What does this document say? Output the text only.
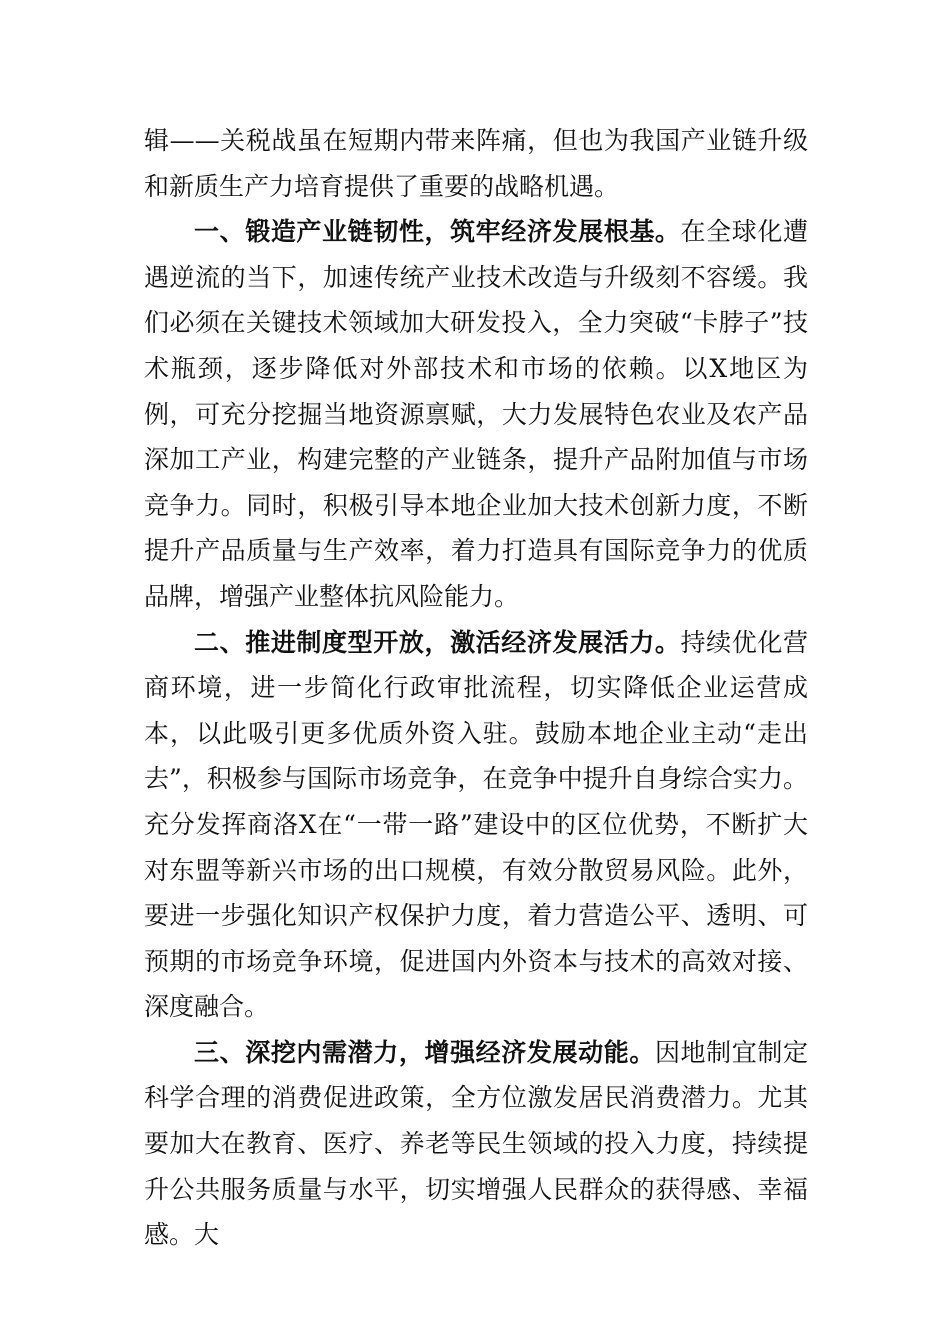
辑——关税战虽在短期内带来阵痛，但也为我国产业链升级和新质生产力培育提供了重要的战略机遇。

一、锻造产业链韧性，筑牢经济发展根基。在全球化遭遇逆流的当下，加速传统产业技术改造与升级刻不容缓。我们必须在关键技术领域加大研发投入，全力突破“卡脖子”技术瓶颈，逐步降低对外部技术和市场的依赖。以X地区为例，可充分挖掘当地资源禀赋，大力发展特色农业及农产品深加工产业，构建完整的产业链条，提升产品附加值与市场竞争力。同时，积极引导本地企业加大技术创新力度，不断提升产品质量与生产效率，着力打造具有国际竞争力的优质品牌，增强产业整体抗风险能力。

二、推进制度型开放，激活经济发展活力。持续优化营商环境，进一步简化行政审批流程，切实降低企业运营成本，以此吸引更多优质外资入驻。鼓励本地企业主动“走出去”，积极参与国际市场竞争，在竞争中提升自身综合实力。充分发挥商洛X在“一带一路”建设中的区位优势，不断扩大对东盟等新兴市场的出口规模，有效分散贸易风险。此外，要进一步强化知识产权保护力度，着力营造公平、透明、可预期的市场竞争环境，促进国内外资本与技术的高效对接、深度融合。

三、深挖内需潜力，增强经济发展动能。因地制宜制定科学合理的消费促进政策，全方位激发居民消费潜力。尤其要加大在教育、医疗、养老等民生领域的投入力度，持续提升公共服务质量与水平，切实增强人民群众的获得感、幸福感。大
